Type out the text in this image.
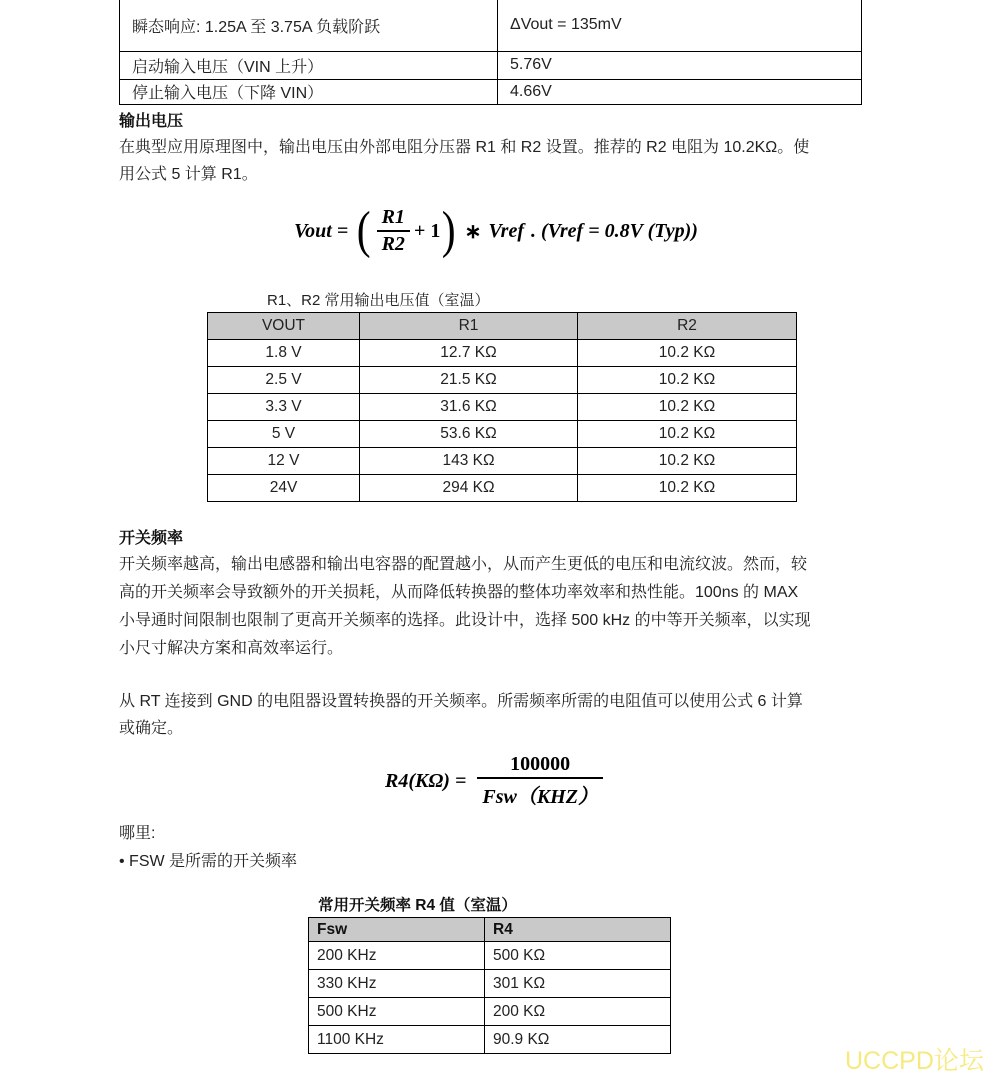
瞬态响应: 1.25A 至 3.75A 负载阶跃	ΔVout = 135mV
启动输入电压（VIN 上升）	5.76V
停止输入电压（下降 VIN）	4.66V
输出电压
在典型应用原理图中，输出电压由外部电阻分压器 R1 和 R2 设置。推荐的 R2 电阻为 10.2KΩ。使
用公式 5 计算 R1。
Vout = ( $\frac{R1}{R2} + 1$ ) ∗ Vref . (Vref = 0.8V (Typ))
R1、R2 常用输出电压值（室温）
VOUT	R1	R2
1.8 V	12.7 KΩ	10.2 KΩ
2.5 V	21.5 KΩ	10.2 KΩ
3.3 V	31.6 KΩ	10.2 KΩ
5 V	53.6 KΩ	10.2 KΩ
12 V	143 KΩ	10.2 KΩ
24V	294 KΩ	10.2 KΩ
开关频率
开关频率越高，输出电感器和输出电容器的配置越小，从而产生更低的电压和电流纹波。然而，较
高的开关频率会导致额外的开关损耗，从而降低转换器的整体功率效率和热性能。100ns 的 MAX
小导通时间限制也限制了更高开关频率的选择。此设计中，选择 500 kHz 的中等开关频率，以实现
小尺寸解决方案和高效率运行。
从 RT 连接到 GND 的电阻器设置转换器的开关频率。所需频率所需的电阻值可以使用公式 6 计算
或确定。
$R4(K\Omega) = \frac{100000}{\text{Fsw（KHZ）}}$
哪里:
• FSW 是所需的开关频率
常用开关频率 R4 值（室温）
Fsw	R4
200 KHz	500 KΩ
330 KHz	301 KΩ
500 KHz	200 KΩ
1100 KHz	90.9 KΩ
UCCPD论坛
